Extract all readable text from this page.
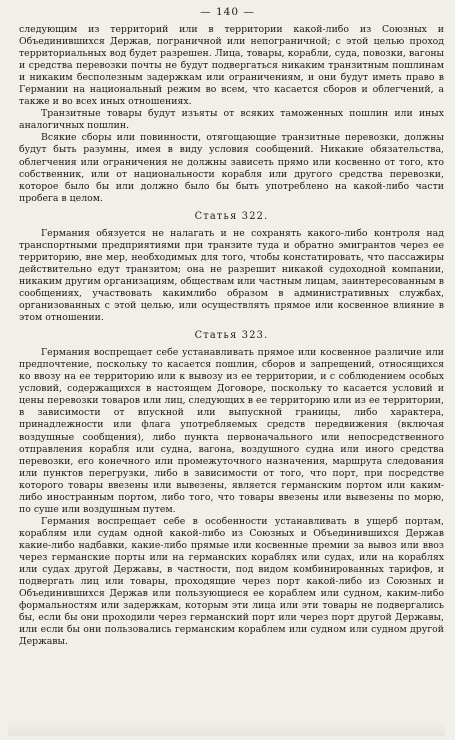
— 140 —

следующим из территорий или в территории какой-либо из Союзных и Объединившихся Держав, пограничной или непограничной; с этой целью проход территориальных вод будет разрешен. Лица, товары, корабли, суда, повозки, вагоны и средства перевозки почты не будут подвергаться никаким транзитным пошлинам и никаким бесполезным задержкам или ограничениям, и они будут иметь право в Германии на национальный режим во всем, что касается сборов и облегчений, а также и во всех иных отношениях.

Транзитные товары будут изъяты от всяких таможенных пошлин или иных аналогичных пошлин.

Всякие сборы или повинности, отягощающие транзитные перевозки, должны будут быть разумны, имея в виду условия сообщений. Никакие обязательства, облегчения или ограничения не должны зависеть прямо или косвенно от того, кто собственник, или от национальности корабля или другого средства перевозки, которое было бы или должно было бы быть употреблено на какой-либо части пробега в целом.

Статья 322.

Германия обязуется не налагать и не сохранять какого-либо контроля над транспортными предприятиями при транзите туда и обратно эмигрантов через ее территорию, вне мер, необходимых для того, чтобы констатировать, что пассажиры действительно едут транзитом; она не разрешит никакой судоходной компании, никаким другим организациям, обществам или частным лицам, заинтересованным в сообщениях, участвовать какимлибо образом в административных службах, организованных с этой целью, или осуществлять прямое или косвенное влияние в этом отношении.

Статья 323.

Германия воспрещает себе устанавливать прямое или косвенное различие или предпочтение, поскольку то касается пошлин, сборов и запрещений, относящихся ко ввозу на ее территорию или к вывозу из ее территории, и с соблюдением особых условий, содержащихся в настоящем Договоре, поскольку то касается условий и цены перевозки товаров или лиц, следующих в ее территорию или из ее территории, в зависимости от впускной или выпускной границы, либо характера, принадлежности или флага употребляемых средств передвижения (включая воздушные сообщения), либо пункта первоначального или непосредственного отправления корабля или судна, вагона, воздушного судна или иного средства перевозки, его конечного или промежуточного назначения, маршрута следования или пунктов перегрузки, либо в зависимости от того, что порт, при посредстве которого товары ввезены или вывезены, является германским портом или каким-либо иностранным портом, либо того, что товары ввезены или вывезены по морю, по суше или воздушным путем.

Германия воспрещает себе в особенности устанавливать в ущерб портам, кораблям или судам одной какой-либо из Союзных и Объединившихся Держав какие-либо надбавки, какие-либо прямые или косвенные премии за вывоз или ввоз через германские порты или на германских кораблях или судах, или на кораблях или судах другой Державы, в частности, под видом комбинированных тарифов, и подвергать лиц или товары, проходящие через порт какой-либо из Союзных и Объединившихся Держав или пользующиеся ее кораблем или судном, каким-либо формальностям или задержкам, которым эти лица или эти товары не подвергались бы, если бы они проходили через германский порт или через порт другой Державы, или если бы они пользовались германским кораблем или судном или судном другой Державы.
